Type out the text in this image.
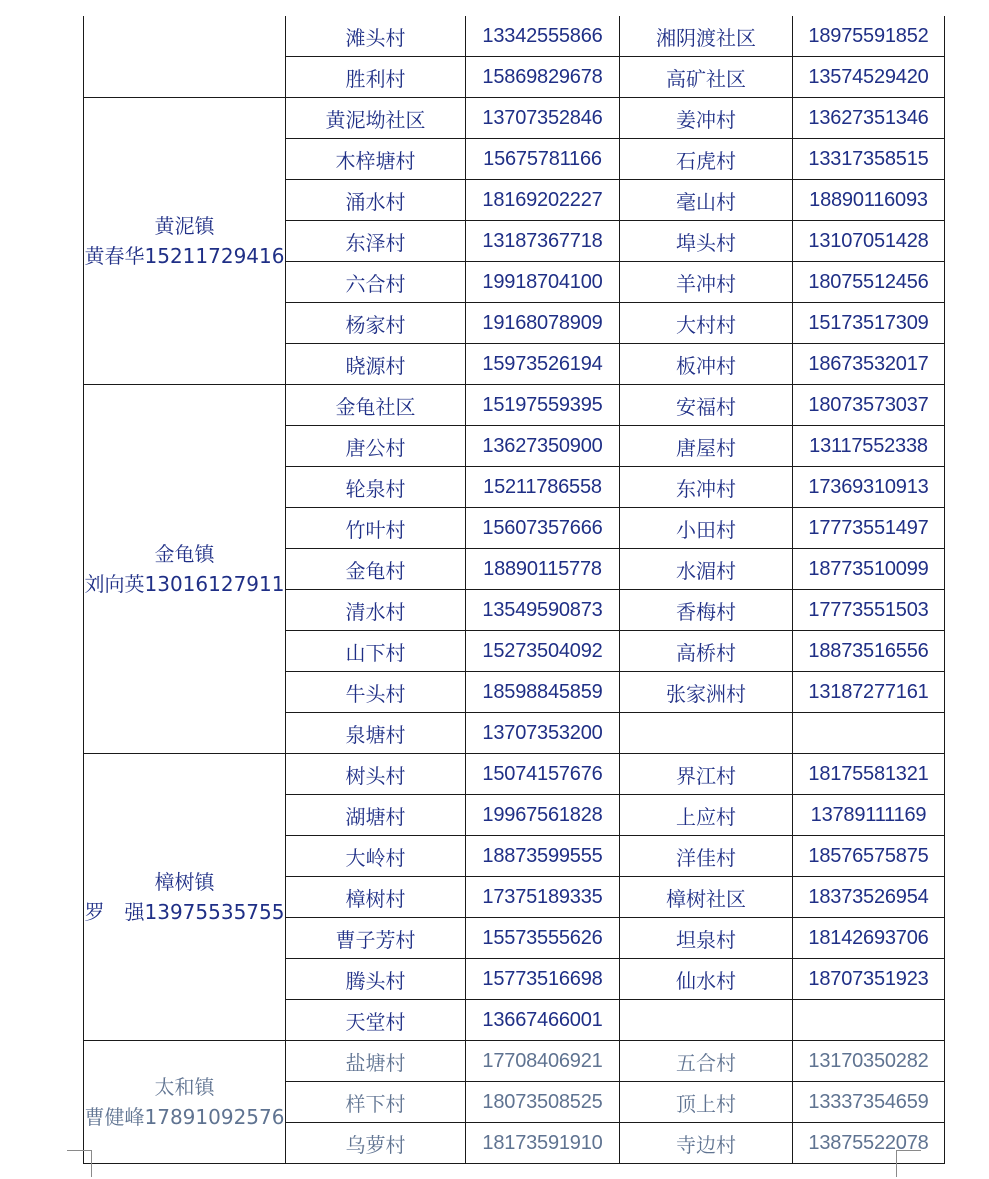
	滩头村	13342555866	湘阴渡社区	18975591852
	胜利村	15869829678	高矿社区	13574529420

黄泥镇
黄春华15211729416	黄泥坳社区	13707352846	姜冲村	13627351346
	木梓塘村	15675781166	石虎村	13317358515
	涌水村	18169202227	毫山村	18890116093
	东泽村	13187367718	埠头村	13107051428
	六合村	19918704100	羊冲村	18075512456
	杨家村	19168078909	大村村	15173517309
	晓源村	15973526194	板冲村	18673532017

金龟镇
刘向英13016127911	金龟社区	15197559395	安福村	18073573037
	唐公村	13627350900	唐屋村	13117552338
	轮泉村	15211786558	东冲村	17369310913
	竹叶村	15607357666	小田村	17773551497
	金龟村	18890115778	水湄村	18773510099
	清水村	13549590873	香梅村	17773551503
	山下村	15273504092	高桥村	18873516556
	牛头村	18598845859	张家洲村	13187277161
	泉塘村	13707353200		

樟树镇
罗　强13975535755	树头村	15074157676	界江村	18175581321
	湖塘村	19967561828	上应村	13789111169
	大岭村	18873599555	洋佳村	18576575875
	樟树村	17375189335	樟树社区	18373526954
	曹子芳村	15573555626	坦泉村	18142693706
	腾头村	15773516698	仙水村	18707351923
	天堂村	13667466001		

太和镇
曹健峰17891092576	盐塘村	17708406921	五合村	13170350282
	样下村	18073508525	顶上村	13337354659
	乌萝村	18173591910	寺边村	13875522078
